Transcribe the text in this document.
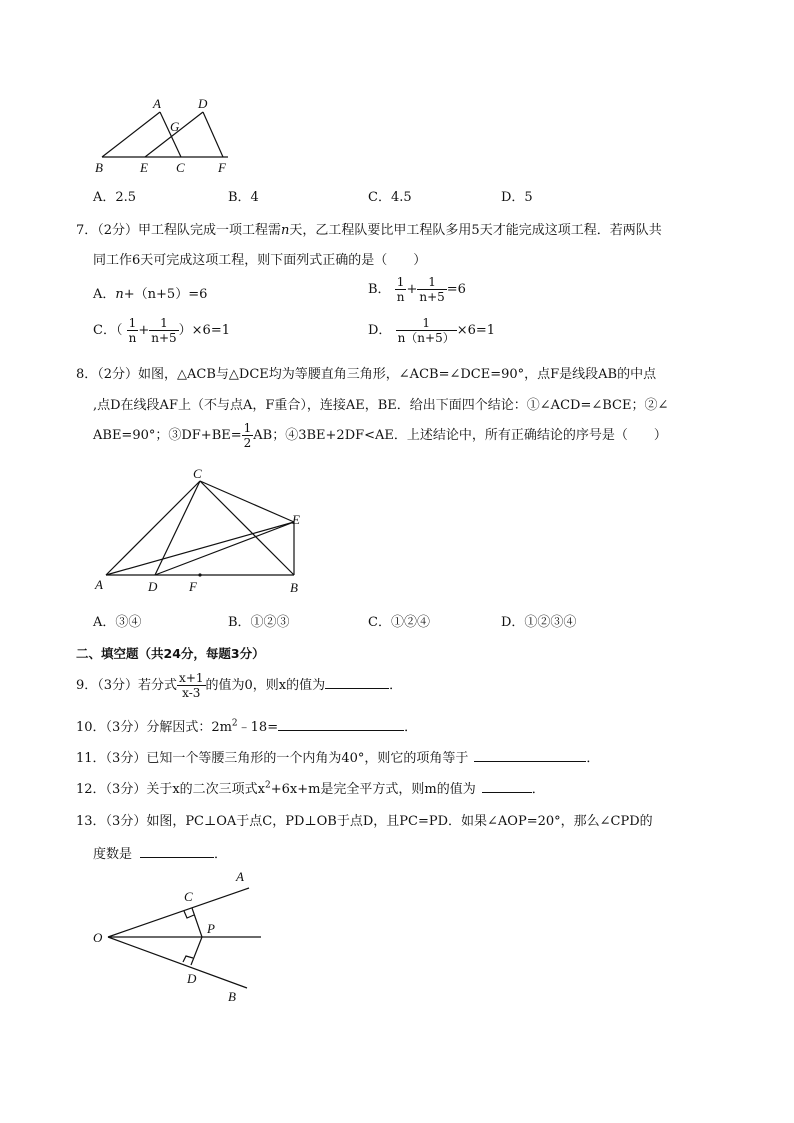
A	D
G
B	E C	F
A．2.5	B．4	C．4.5	D．5
7．（2分）甲工程队完成一项工程需n天，乙工程队要比甲工程队多用5天才能完成这项工程．若两队共
同工作6天可完成这项工程，则下面列式正确的是（　　）
A．n+（n+5）=6	B． $\frac{1}{n} + \frac{1}{n+5} =6$
C．（ $\frac{1}{n} + \frac{1}{n+5} )\times 6=1$	D． $\frac{1}{n(n+5)} \times 6=1$
8．（2分）如图，△ACB与△DCE均为等腰直角三角形，∠ACB=∠DCE=90°，点F是线段AB的中点
,点D在线段AF上（不与点A，F重合），连接AE，BE．给出下面四个结论：①∠ACD=∠BCE；②∠
ABE=90°；③DF+BE= $\frac{1}{2}$ AB；④3BE+2DF<AE．上述结论中，所有正确结论的序号是（　　）
C
E
A	D F	B
A．③④	B．①②③	C．①②④	D．①②③④
二、填空题（共24分，每题3分）
9．（3分）若分式 $\frac{x+1}{x-3}$ 的值为0，则x的值为	．
10．（3分）分解因式：$2m^2﹣18=$	．
11．（3分）已知一个等腰三角形的一个内角为40°，则它的项角等于	．
12．（3分）关于x的二次三项式$x^2+6x+m$是完全平方式，则m的值为	．
13．（3分）如图，PC⊥OA于点C，PD⊥OB于点D，且PC=PD．如果∠AOP=20°，那么∠CPD的
度数是	．
A
C
O
P
D
B
